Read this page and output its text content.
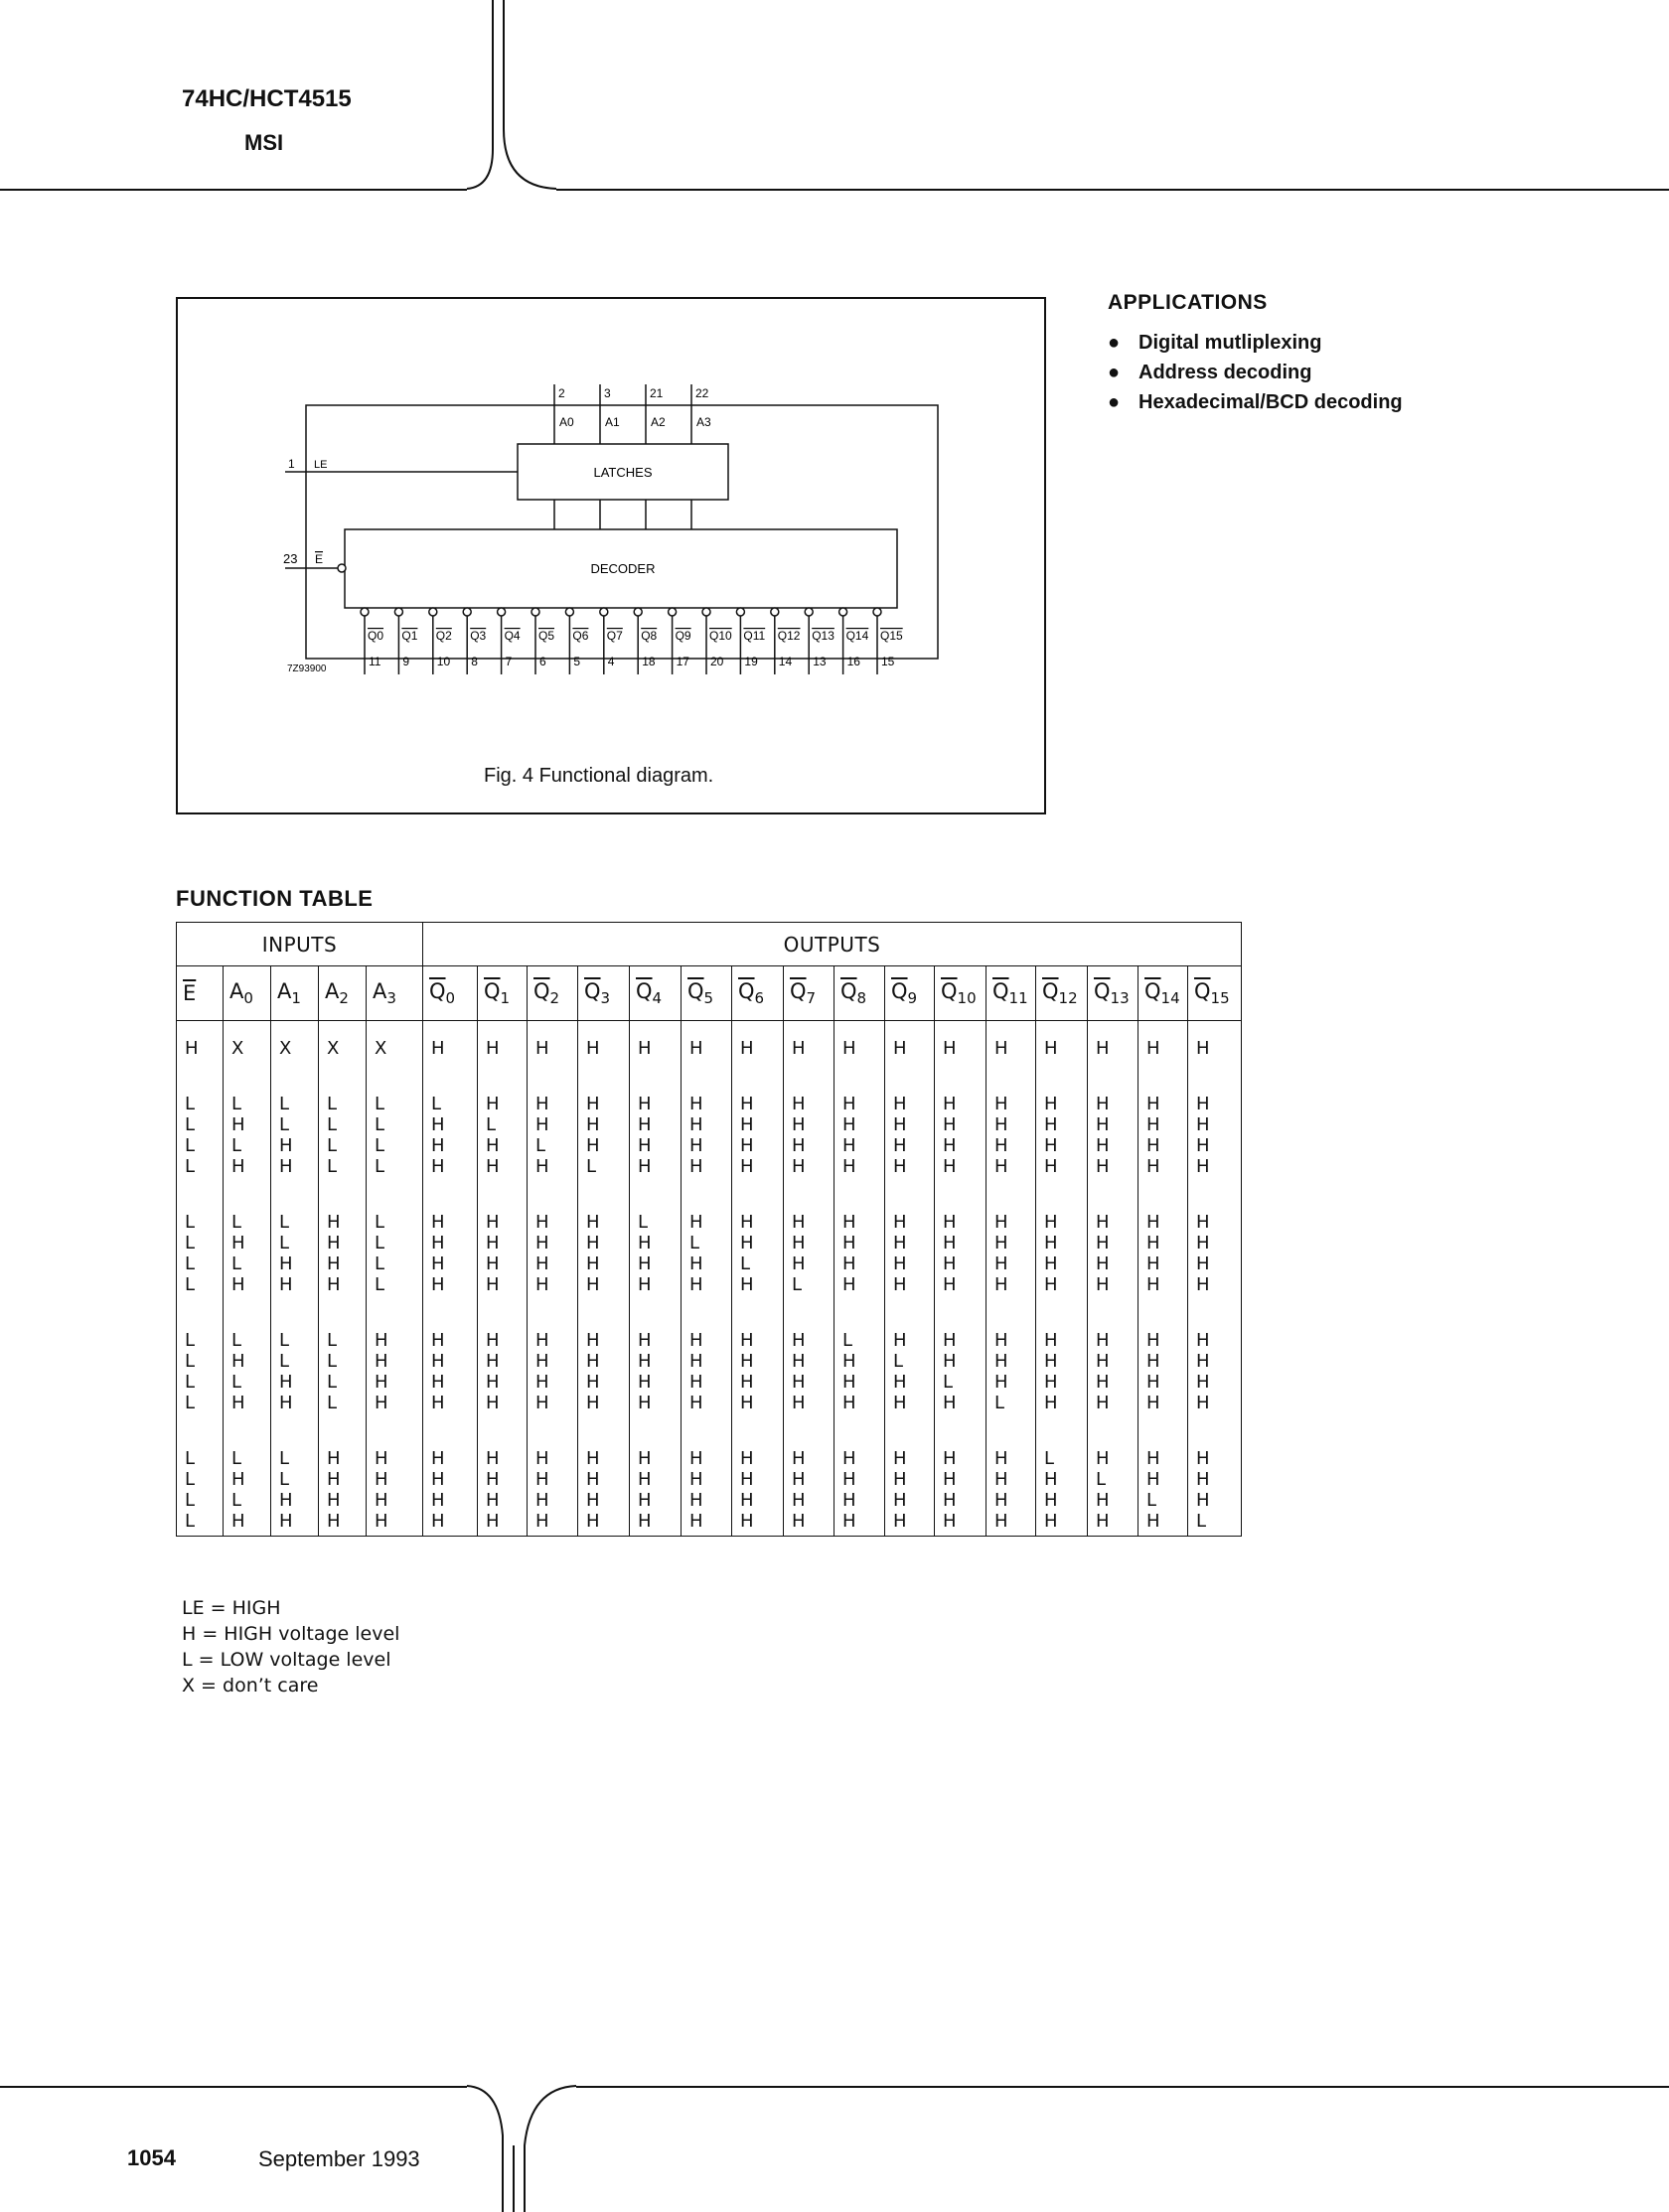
74HC/HCT4515
MSI
LATCHES
DECODER
2
A0
3
A1
21
A2
22
A3
1 LE
23 E
Q0
11
Q1
9
Q2
10
Q3
8
Q4
7
Q5
6
Q6
5
Q7
4
Q8
18
Q9
17
Q10
20
Q11
19
Q12
14
Q13
13
Q14
16
Q15
15
7Z93900
Fig. 4 Functional diagram.
APPLICATIONS
● Digital mutliplexing
● Address decoding
● Hexadecimal/BCD decoding
FUNCTION TABLE
INPUTS					OUTPUTS															
$\overline{E}$	$A_0$	$A_1$	$A_2$	$A_3$	$\overline{Q}_0$	$\overline{Q}_1$	$\overline{Q}_2$	$\overline{Q}_3$	$\overline{Q}_4$	$\overline{Q}_5$	$\overline{Q}_6$	$\overline{Q}_7$	$\overline{Q}_8$	$\overline{Q}_9$	$\overline{Q}_{10}$	$\overline{Q}_{11}$	$\overline{Q}_{12}$	$\overline{Q}_{13}$	$\overline{Q}_{14}$	$\overline{Q}_{15}$
H	X	X	X	X	H	H	H	H	H	H	H	H	H	H	H	H	H	H	H	H
L	L	L	L	L	L	H	H	H	H	H	H	H	H	H	H	H	H	H	H	H
L	H	L	L	L	H	L	H	H	H	H	H	H	H	H	H	H	H	H	H	H
L	L	H	L	L	H	H	L	H	H	H	H	H	H	H	H	H	H	H	H	H
L	H	H	L	L	H	H	H	L	H	H	H	H	H	H	H	H	H	H	H	H
L	L	L	H	L	H	H	H	H	L	H	H	H	H	H	H	H	H	H	H	H
L	H	L	H	L	H	H	H	H	H	L	H	H	H	H	H	H	H	H	H	H
L	L	H	H	L	H	H	H	H	H	H	L	H	H	H	H	H	H	H	H	H
L	H	H	H	L	H	H	H	H	H	H	H	L	H	H	H	H	H	H	H	H
L	L	L	L	H	H	H	H	H	H	H	H	H	L	H	H	H	H	H	H	H
L	H	L	L	H	H	H	H	H	H	H	H	H	H	L	H	H	H	H	H	H
L	L	H	L	H	H	H	H	H	H	H	H	H	H	H	L	H	H	H	H	H
L	H	H	L	H	H	H	H	H	H	H	H	H	H	H	H	L	H	H	H	H
L	L	L	H	H	H	H	H	H	H	H	H	H	H	H	H	H	L	H	H	H
L	H	L	H	H	H	H	H	H	H	H	H	H	H	H	H	H	H	L	H	H
L	L	H	H	H	H	H	H	H	H	H	H	H	H	H	H	H	H	H	L	H
L	H	H	H	H	H	H	H	H	H	H	H	H	H	H	H	H	H	H	H	L
LE = HIGH
H = HIGH voltage level
L = LOW voltage level
X = don’t care
1054	September 1993
